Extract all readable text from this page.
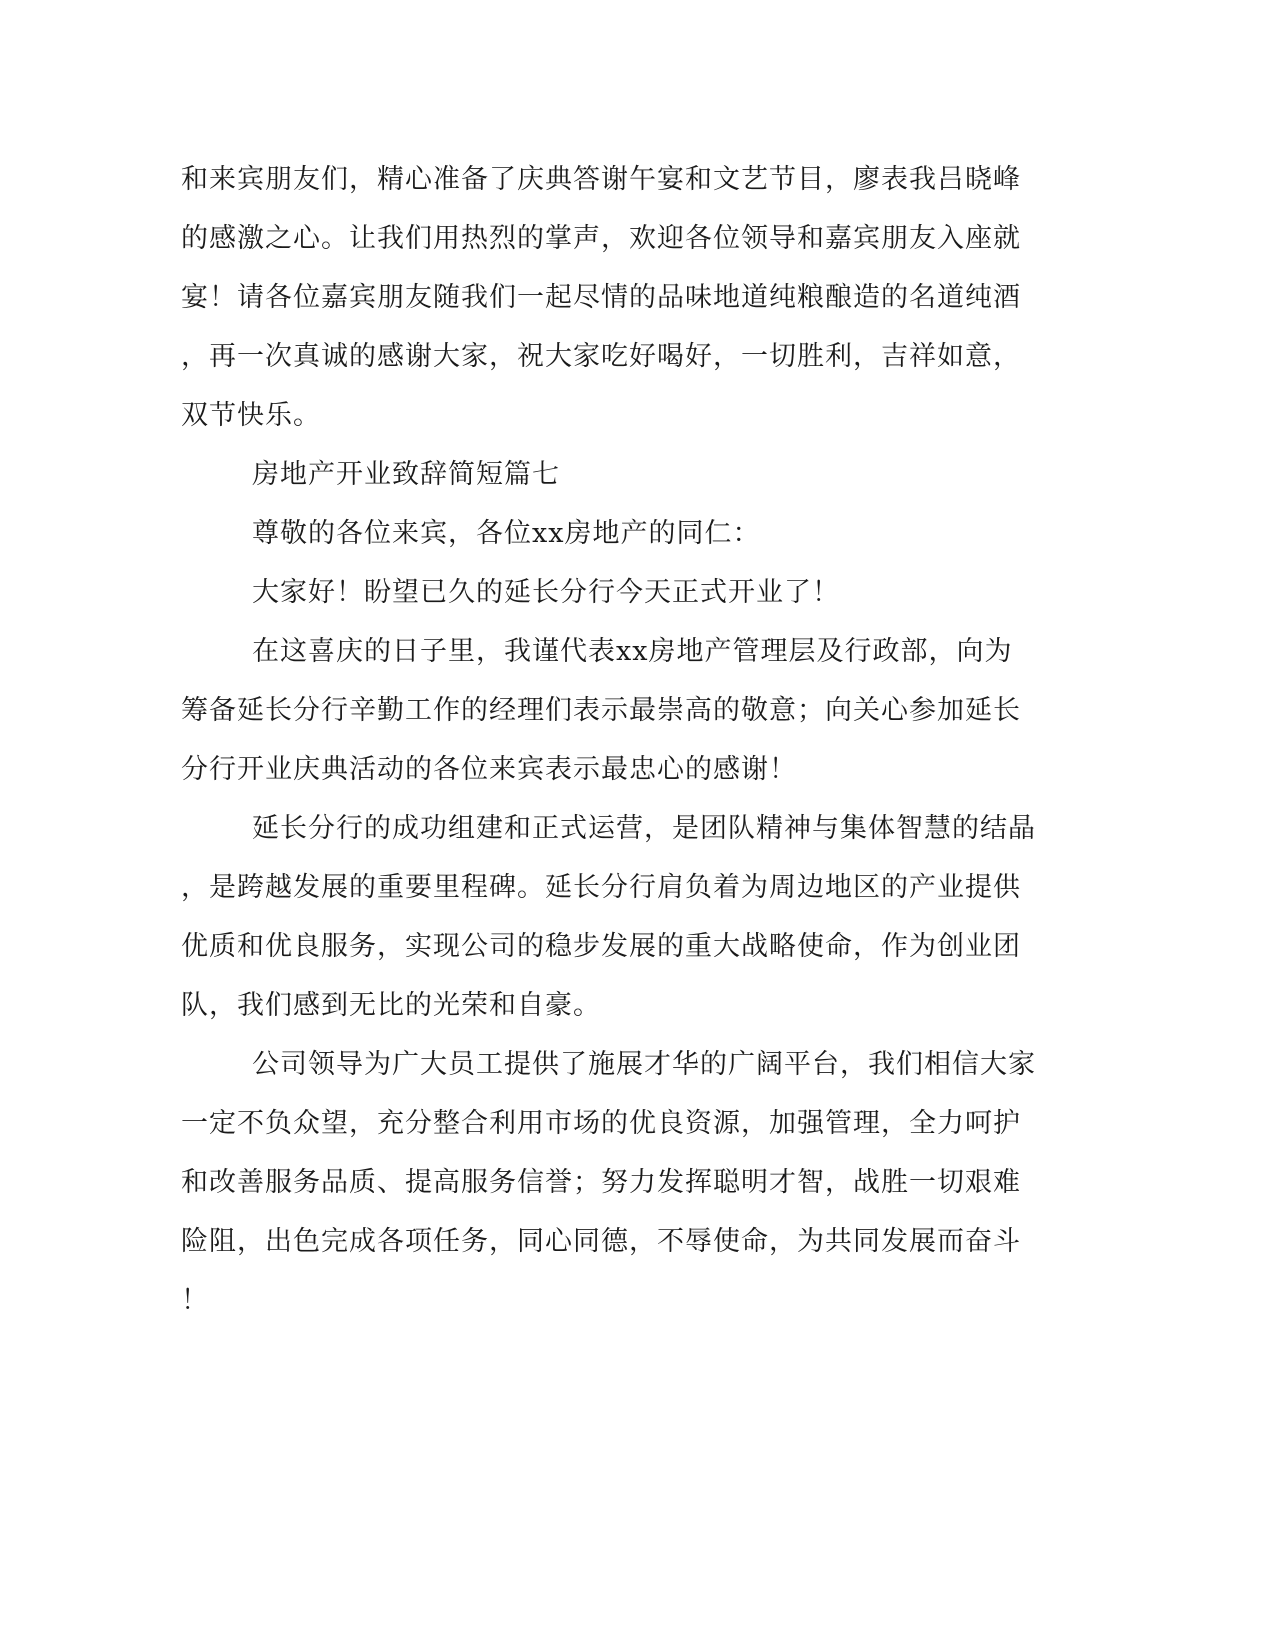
和来宾朋友们，精心准备了庆典答谢午宴和文艺节目，廖表我吕晓峰

的感激之心。让我们用热烈的掌声，欢迎各位领导和嘉宾朋友入座就

宴！请各位嘉宾朋友随我们一起尽情的品味地道纯粮酿造的名道纯酒

，再一次真诚的感谢大家，祝大家吃好喝好，一切胜利，吉祥如意，

双节快乐。

房地产开业致辞简短篇七

尊敬的各位来宾，各位xx房地产的同仁：

大家好！盼望已久的延长分行今天正式开业了！

在这喜庆的日子里，我谨代表xx房地产管理层及行政部，向为

筹备延长分行辛勤工作的经理们表示最崇高的敬意；向关心参加延长

分行开业庆典活动的各位来宾表示最忠心的感谢！

延长分行的成功组建和正式运营，是团队精神与集体智慧的结晶

，是跨越发展的重要里程碑。延长分行肩负着为周边地区的产业提供

优质和优良服务，实现公司的稳步发展的重大战略使命，作为创业团

队，我们感到无比的光荣和自豪。

公司领导为广大员工提供了施展才华的广阔平台，我们相信大家

一定不负众望，充分整合利用市场的优良资源，加强管理，全力呵护

和改善服务品质、提高服务信誉；努力发挥聪明才智，战胜一切艰难

险阻，出色完成各项任务，同心同德，不辱使命，为共同发展而奋斗

！
